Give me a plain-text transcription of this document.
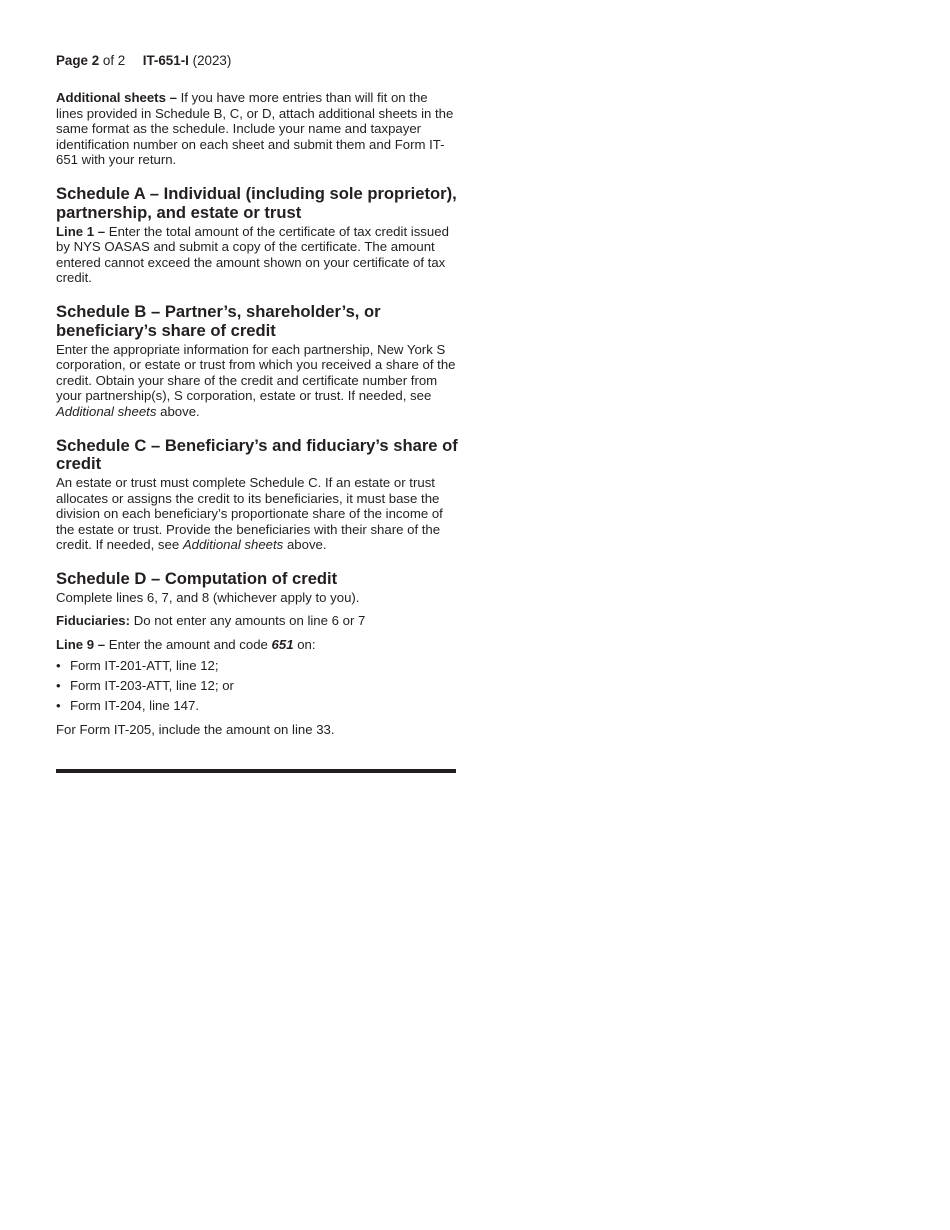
Page 2 of 2 IT-651-I (2023)

Additional sheets – If you have more entries than will fit on the lines provided in Schedule B, C, or D, attach additional sheets in the same format as the schedule. Include your name and taxpayer identification number on each sheet and submit them and Form IT-651 with your return.

Schedule A – Individual (including sole proprietor), partnership, and estate or trust

Line 1 – Enter the total amount of the certificate of tax credit issued by NYS OASAS and submit a copy of the certificate. The amount entered cannot exceed the amount shown on your certificate of tax credit.

Schedule B – Partner’s, shareholder’s, or beneficiary’s share of credit

Enter the appropriate information for each partnership, New York S corporation, or estate or trust from which you received a share of the credit. Obtain your share of the credit and certificate number from your partnership(s), S corporation, estate or trust. If needed, see Additional sheets above.

Schedule C – Beneficiary’s and fiduciary’s share of credit

An estate or trust must complete Schedule C. If an estate or trust allocates or assigns the credit to its beneficiaries, it must base the division on each beneficiary’s proportionate share of the income of the estate or trust. Provide the beneficiaries with their share of the credit. If needed, see Additional sheets above.

Schedule D – Computation of credit

Complete lines 6, 7, and 8 (whichever apply to you).

Fiduciaries: Do not enter any amounts on line 6 or 7

Line 9 – Enter the amount and code 651 on:

• Form IT-201-ATT, line 12;
• Form IT-203-ATT, line 12; or
• Form IT-204, line 147.

For Form IT-205, include the amount on line 33.
